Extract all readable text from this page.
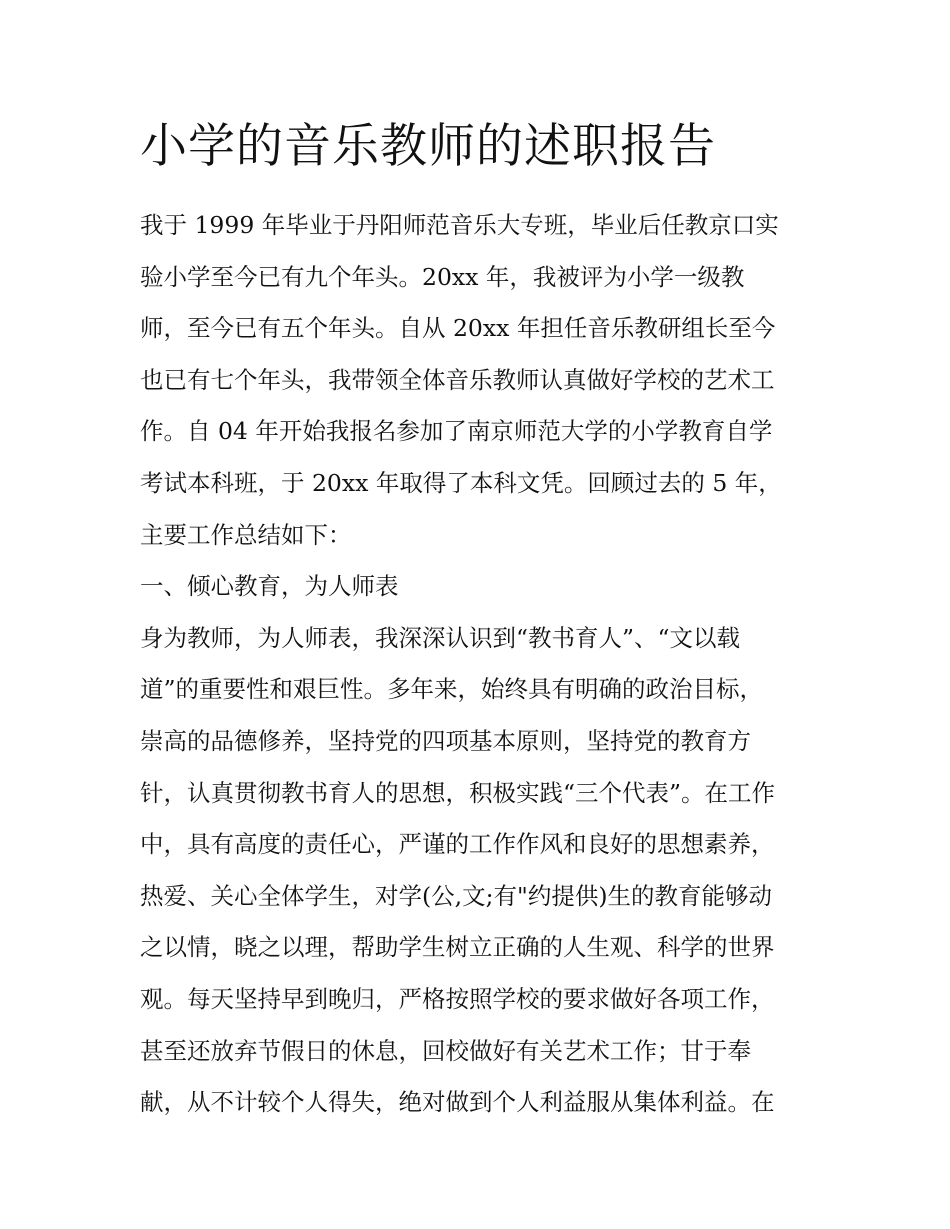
小学的音乐教师的述职报告
我于 1999 年毕业于丹阳师范音乐大专班，毕业后任教京口实
验小学至今已有九个年头。20xx 年，我被评为小学一级教
师，至今已有五个年头。自从 20xx 年担任音乐教研组长至今
也已有七个年头，我带领全体音乐教师认真做好学校的艺术工
作。自 04 年开始我报名参加了南京师范大学的小学教育自学
考试本科班，于 20xx 年取得了本科文凭。回顾过去的 5 年，
主要工作总结如下：
一、倾心教育，为人师表
身为教师，为人师表，我深深认识到“教书育人”、“文以载
道”的重要性和艰巨性。多年来，始终具有明确的政治目标，
崇高的品德修养，坚持党的四项基本原则，坚持党的教育方
针，认真贯彻教书育人的思想，积极实践“三个代表”。在工作
中，具有高度的责任心，严谨的工作作风和良好的思想素养，
热爱、关心全体学生，对学(公,文;有"约提供)生的教育能够动
之以情，晓之以理，帮助学生树立正确的人生观、科学的世界
观。每天坚持早到晚归，严格按照学校的要求做好各项工作，
甚至还放弃节假日的休息，回校做好有关艺术工作；甘于奉
献，从不计较个人得失，绝对做到个人利益服从集体利益。在
